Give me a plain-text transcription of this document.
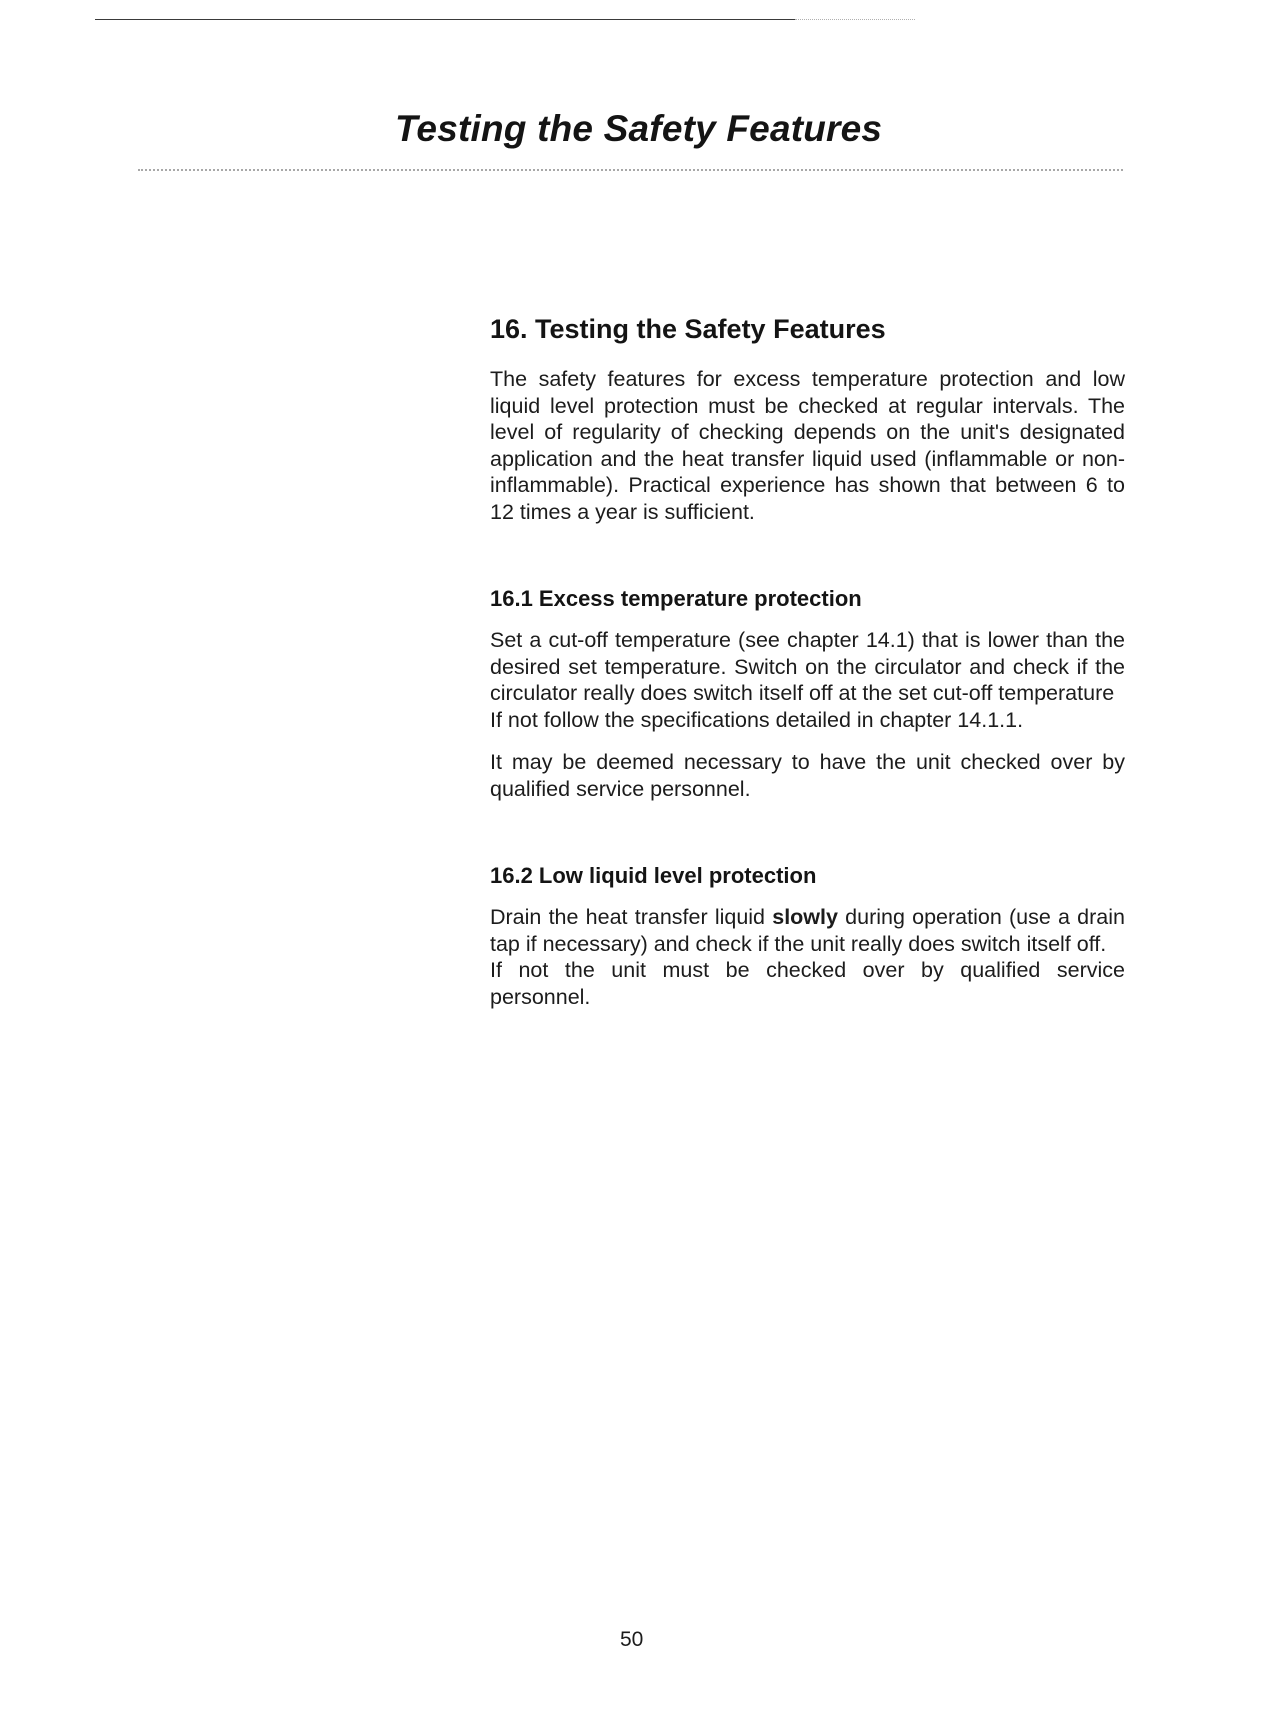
Testing the Safety Features
16. Testing the Safety Features

The safety features for excess temperature protection and low liquid level protection must be checked at regular intervals. The level of regularity of checking depends on the unit's designated application and the heat transfer liquid used (inflammable or non-inflammable). Practical experience has shown that between 6 to 12 times a year is sufficient.

16.1 Excess temperature protection

Set a cut-off temperature (see chapter 14.1) that is lower than the desired set temperature. Switch on the circulator and check if the circulator really does switch itself off at the set cut-off temperature

If not follow the specifications detailed in chapter 14.1.1.

It may be deemed necessary to have the unit checked over by qualified service personnel.

16.2 Low liquid level protection

Drain the heat transfer liquid slowly during operation (use a drain tap if necessary) and check if the unit really does switch itself off.

If not the unit must be checked over by qualified service personnel.

50
